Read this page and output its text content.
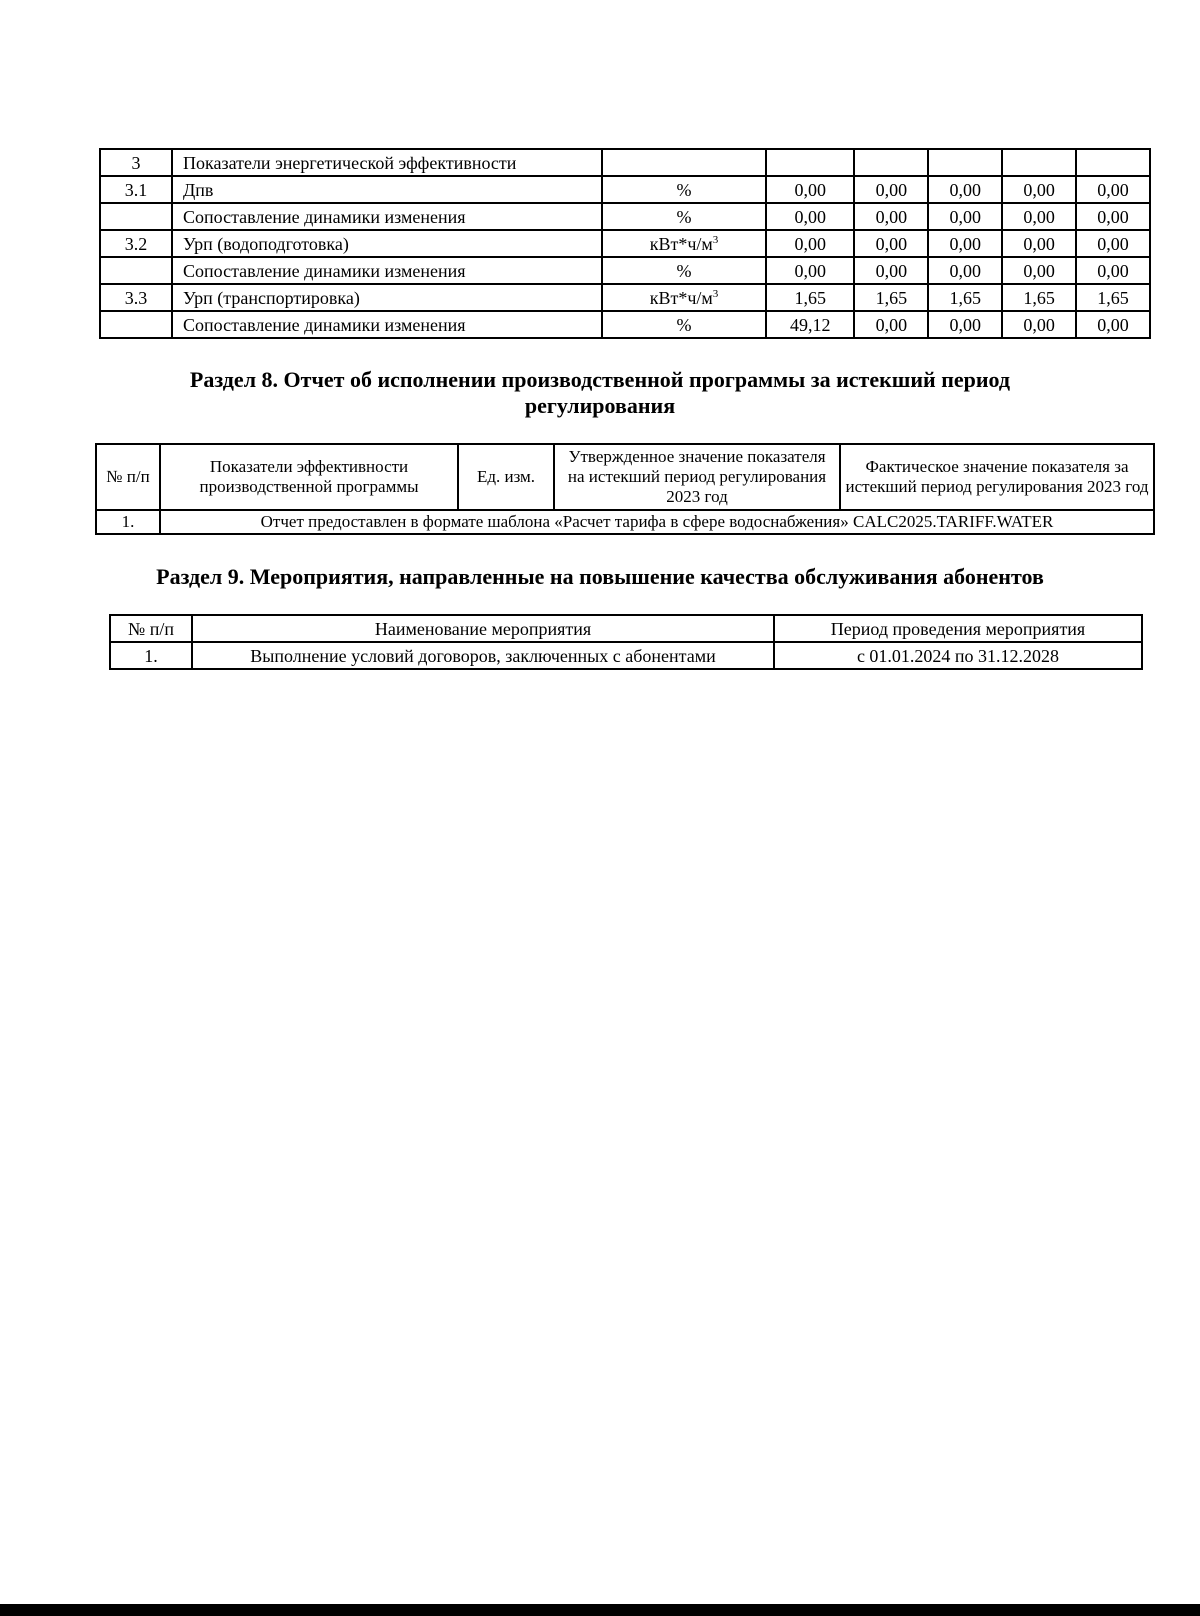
3	Показатели энергетической эффективности						
3.1	Дпв	%	0,00	0,00	0,00	0,00	0,00
	Сопоставление динамики изменения	%	0,00	0,00	0,00	0,00	0,00
3.2	Урп (водоподготовка)	$кВт*ч/м^3$	0,00	0,00	0,00	0,00	0,00
	Сопоставление динамики изменения	%	0,00	0,00	0,00	0,00	0,00
3.3	Урп (транспортировка)	$кВт*ч/м^3$	1,65	1,65	1,65	1,65	1,65
	Сопоставление динамики изменения	%	49,12	0,00	0,00	0,00	0,00
Раздел 8. Отчет об исполнении производственной программы за истекший период
регулирования
№ п/п	Показатели эффективности производственной программы	Ед. изм.	Утвержденное значение показателя на истекший период регулирования 2023 год	Фактическое значение показателя за истекший период регулирования 2023 год
1.	Отчет предоставлен в формате шаблона «Расчет тарифа в сфере водоснабжения» CALC2025.TARIFF.WATER			
Раздел 9. Мероприятия, направленные на повышение качества обслуживания абонентов
№ п/п	Наименование мероприятия	Период проведения мероприятия
1.	Выполнение условий договоров, заключенных с абонентами	с 01.01.2024 по 31.12.2028
